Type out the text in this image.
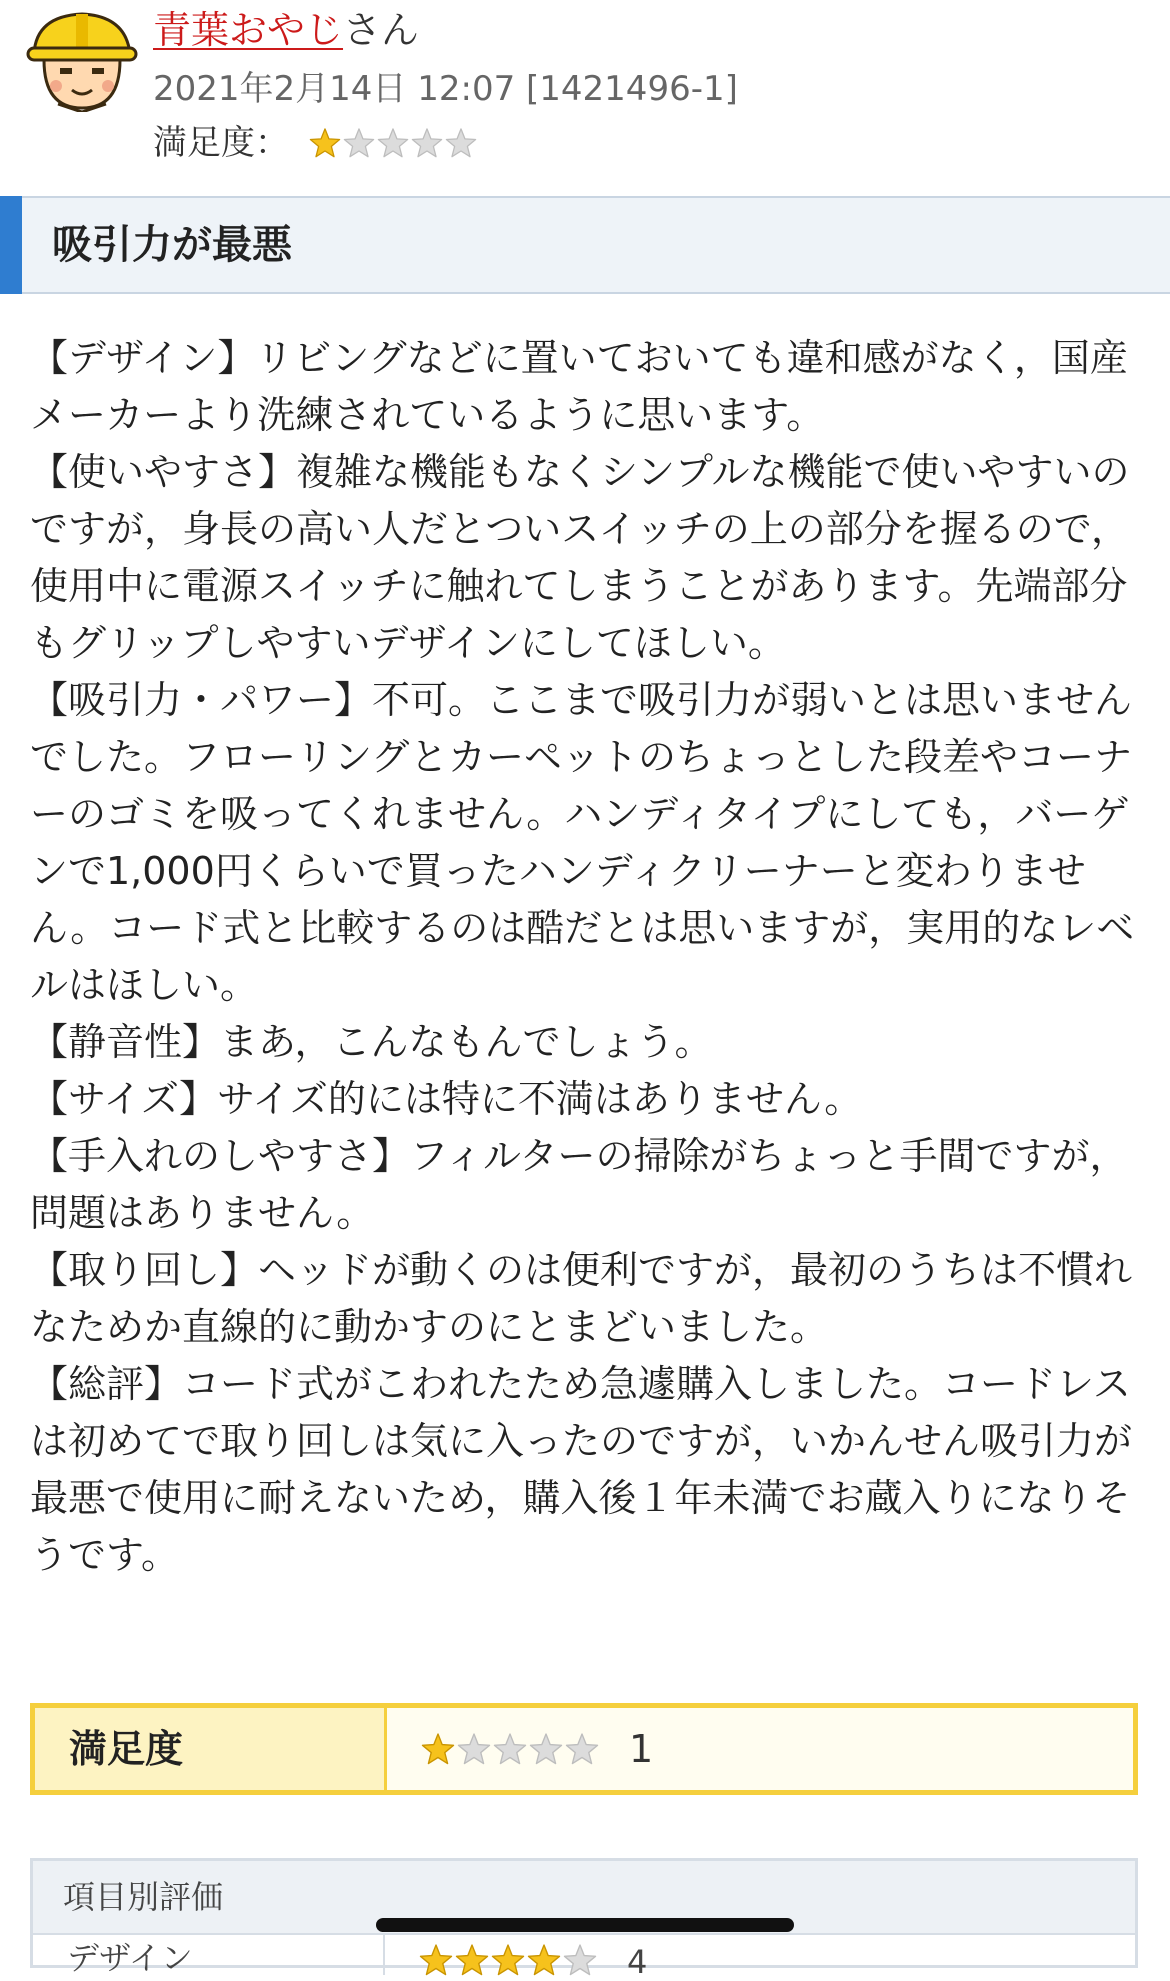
青葉おやじさん
2021年2月14日 12:07 [1421496-1]
満足度：
吸引力が最悪

【デザイン】リビングなどに置いておいても違和感がなく，国産メーカーより洗練されているように思います。

【使いやすさ】複雑な機能もなくシンプルな機能で使いやすいのですが，身長の高い人だとついスイッチの上の部分を握るので，使用中に電源スイッチに触れてしまうことがあります。先端部分もグリップしやすいデザインにしてほしい。

【吸引力・パワー】不可。ここまで吸引力が弱いとは思いませんでした。フローリングとカーペットのちょっとした段差やコーナーのゴミを吸ってくれません。ハンディタイプにしても，バーゲンで1,000円くらいで買ったハンディクリーナーと変わりません。コード式と比較するのは酷だとは思いますが，実用的なレベルはほしい。

【静音性】まあ，こんなもんでしょう。

【サイズ】サイズ的には特に不満はありません。

【手入れのしやすさ】フィルターの掃除がちょっと手間ですが，問題はありません。

【取り回し】ヘッドが動くのは便利ですが，最初のうちは不慣れなためか直線的に動かすのにとまどいました。

【総評】コード式がこわれたため急遽購入しました。コードレスは初めてで取り回しは気に入ったのですが，いかんせん吸引力が最悪で使用に耐えないため，購入後１年未満でお蔵入りになりそうです。

満足度	1
項目別評価
デザイン	4
